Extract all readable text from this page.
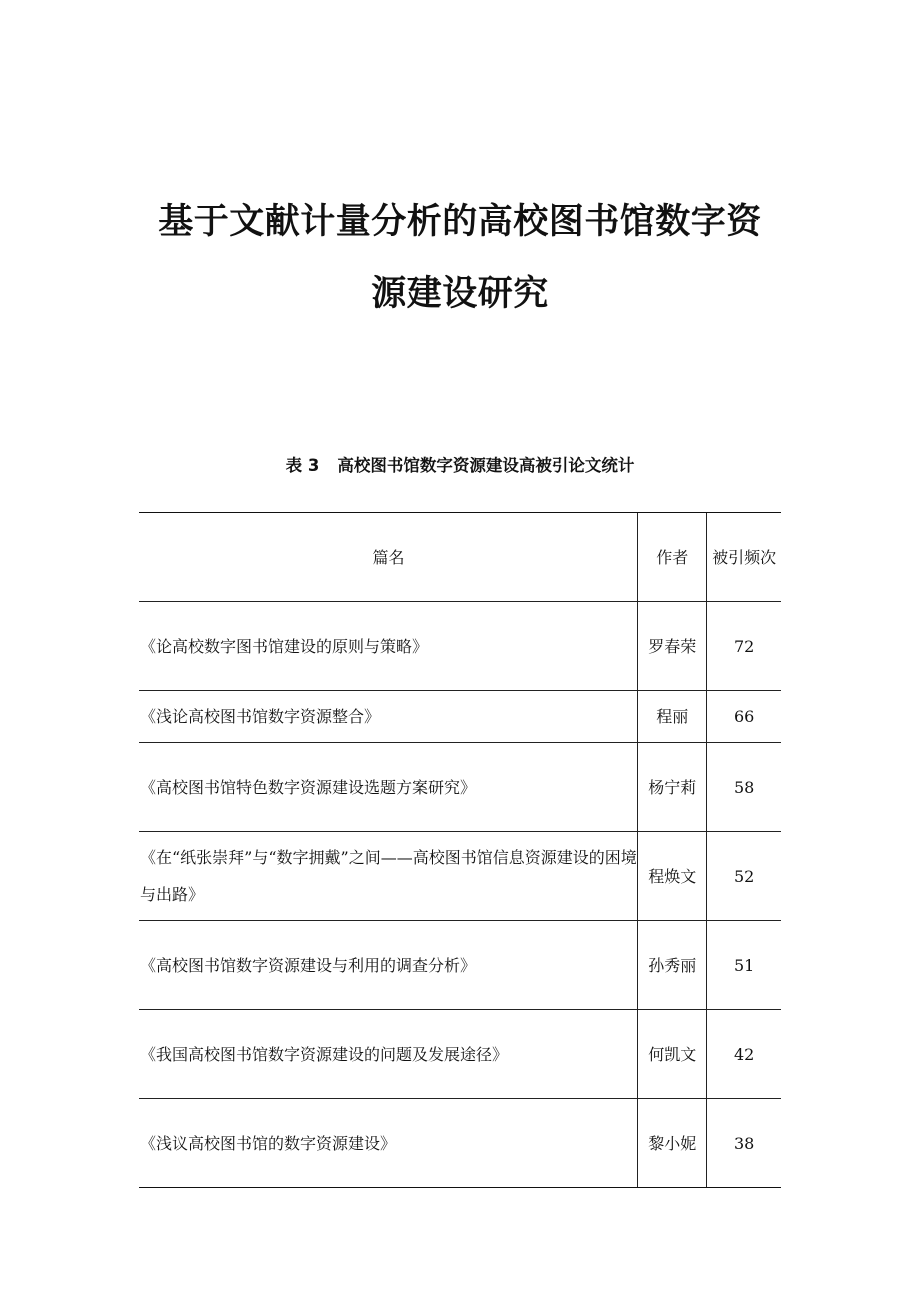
基于文献计量分析的高校图书馆数字资
源建设研究
表 3 高校图书馆数字资源建设高被引论文统计
篇名	作者	被引频次
《论高校数字图书馆建设的原则与策略》	罗春荣	72
《浅论高校图书馆数字资源整合》	程丽	66
《高校图书馆特色数字资源建设选题方案研究》	杨宁莉	58
《在“纸张崇拜”与“数字拥戴”之间——高校图书馆信息资源建设的困境与出路》	程焕文	52
《高校图书馆数字资源建设与利用的调查分析》	孙秀丽	51
《我国高校图书馆数字资源建设的问题及发展途径》	何凯文	42
《浅议高校图书馆的数字资源建设》	黎小妮	38
